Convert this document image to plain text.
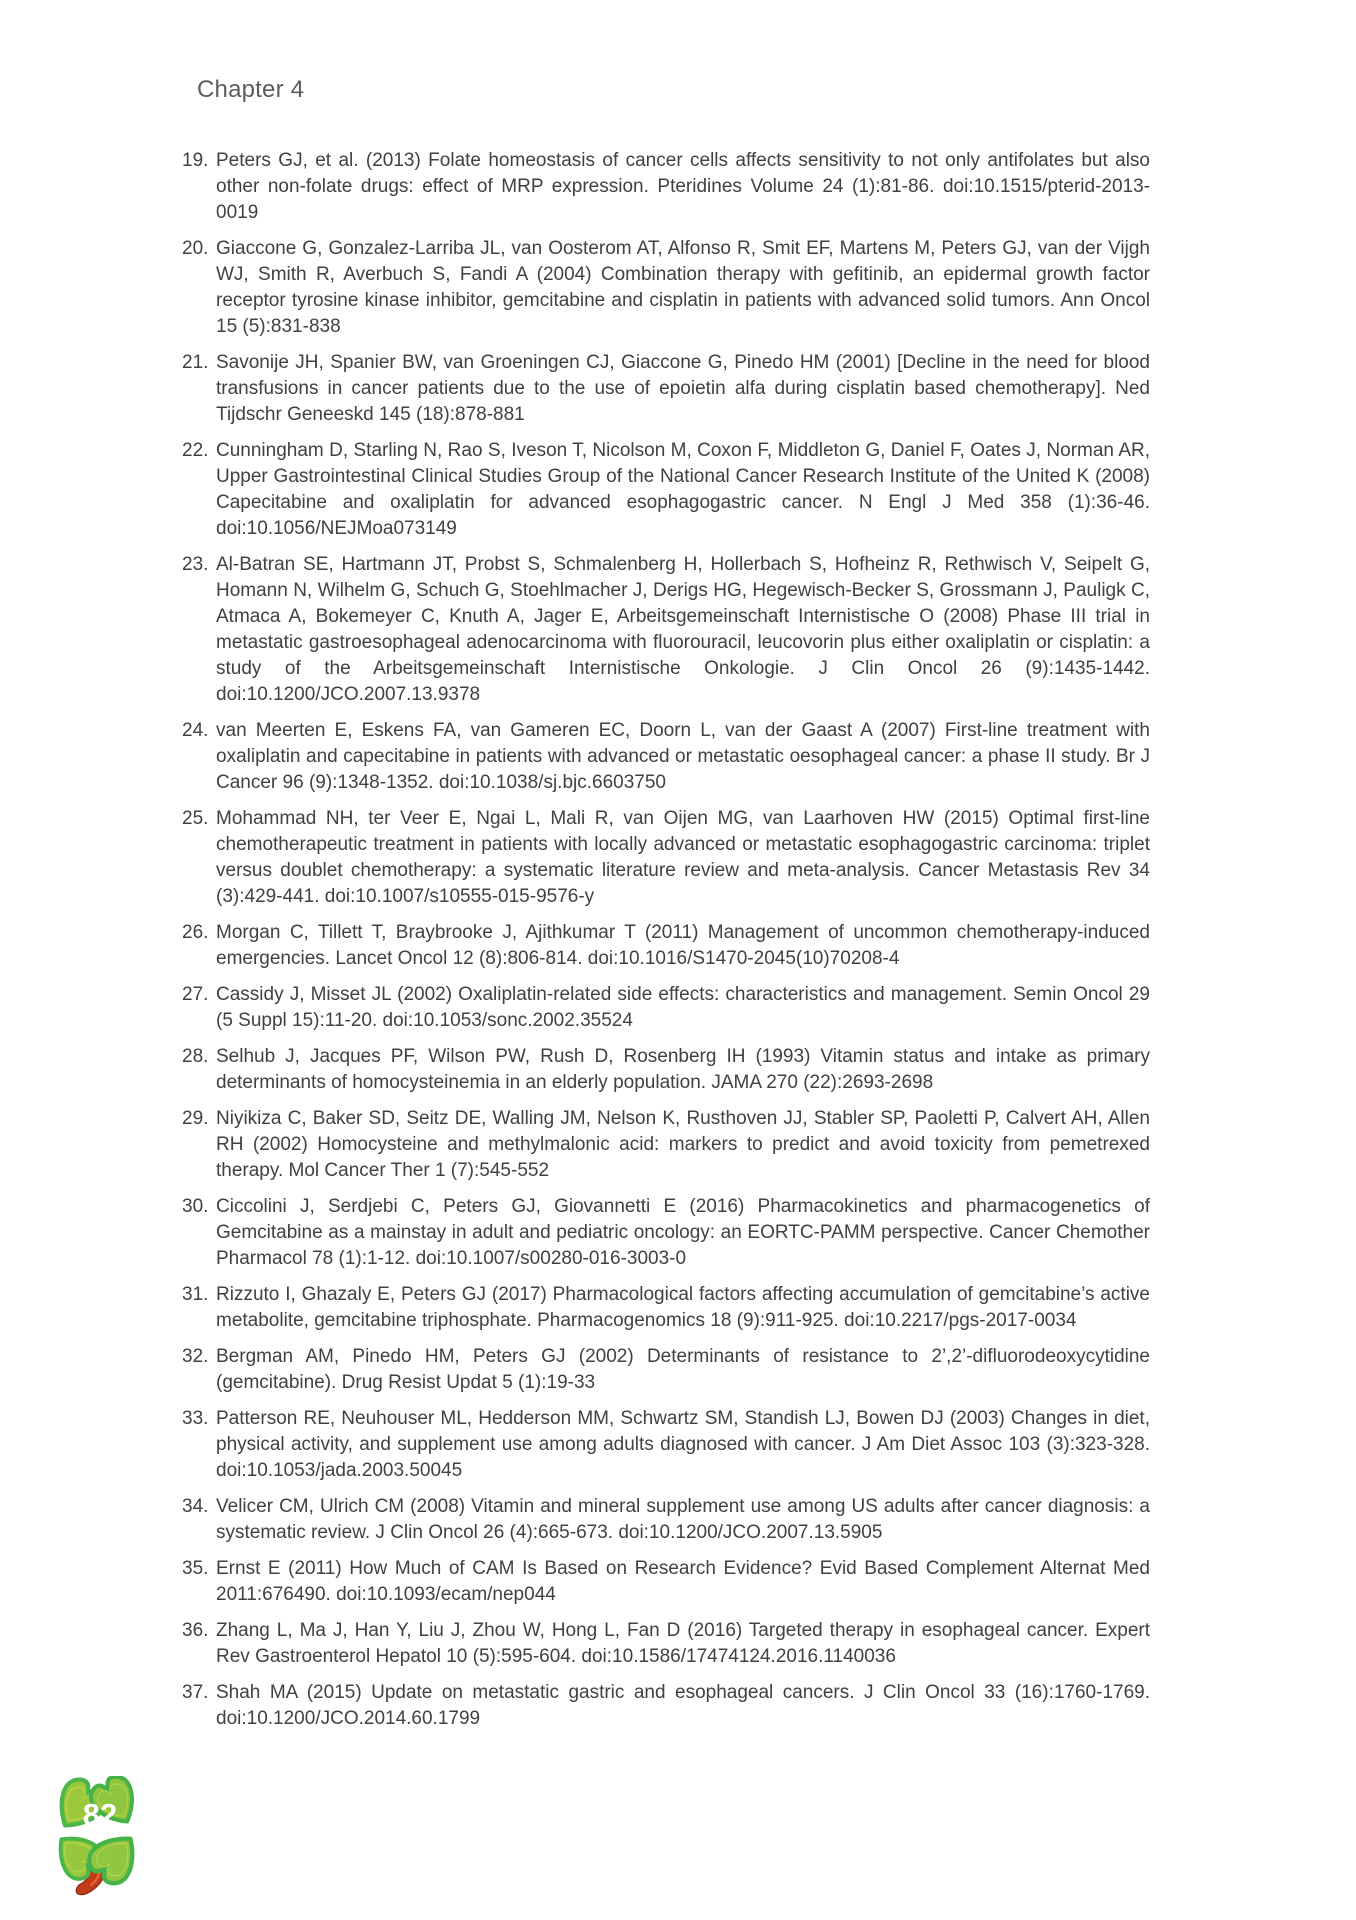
Chapter 4
19. Peters GJ, et al. (2013) Folate homeostasis of cancer cells affects sensitivity to not only antifolates but also other non-folate drugs: effect of MRP expression. Pteridines Volume 24 (1):81-86. doi:10.1515/pterid-2013-0019
20. Giaccone G, Gonzalez-Larriba JL, van Oosterom AT, Alfonso R, Smit EF, Martens M, Peters GJ, van der Vijgh WJ, Smith R, Averbuch S, Fandi A (2004) Combination therapy with gefitinib, an epidermal growth factor receptor tyrosine kinase inhibitor, gemcitabine and cisplatin in patients with advanced solid tumors. Ann Oncol 15 (5):831-838
21. Savonije JH, Spanier BW, van Groeningen CJ, Giaccone G, Pinedo HM (2001) [Decline in the need for blood transfusions in cancer patients due to the use of epoietin alfa during cisplatin based chemotherapy]. Ned Tijdschr Geneeskd 145 (18):878-881
22. Cunningham D, Starling N, Rao S, Iveson T, Nicolson M, Coxon F, Middleton G, Daniel F, Oates J, Norman AR, Upper Gastrointestinal Clinical Studies Group of the National Cancer Research Institute of the United K (2008) Capecitabine and oxaliplatin for advanced esophagogastric cancer. N Engl J Med 358 (1):36-46. doi:10.1056/NEJMoa073149
23. Al-Batran SE, Hartmann JT, Probst S, Schmalenberg H, Hollerbach S, Hofheinz R, Rethwisch V, Seipelt G, Homann N, Wilhelm G, Schuch G, Stoehlmacher J, Derigs HG, Hegewisch-Becker S, Grossmann J, Pauligk C, Atmaca A, Bokemeyer C, Knuth A, Jager E, Arbeitsgemeinschaft Internistische O (2008) Phase III trial in metastatic gastroesophageal adenocarcinoma with fluorouracil, leucovorin plus either oxaliplatin or cisplatin: a study of the Arbeitsgemeinschaft Internistische Onkologie. J Clin Oncol 26 (9):1435-1442. doi:10.1200/JCO.2007.13.9378
24. van Meerten E, Eskens FA, van Gameren EC, Doorn L, van der Gaast A (2007) First-line treatment with oxaliplatin and capecitabine in patients with advanced or metastatic oesophageal cancer: a phase II study. Br J Cancer 96 (9):1348-1352. doi:10.1038/sj.bjc.6603750
25. Mohammad NH, ter Veer E, Ngai L, Mali R, van Oijen MG, van Laarhoven HW (2015) Optimal first-line chemotherapeutic treatment in patients with locally advanced or metastatic esophagogastric carcinoma: triplet versus doublet chemotherapy: a systematic literature review and meta-analysis. Cancer Metastasis Rev 34 (3):429-441. doi:10.1007/s10555-015-9576-y
26. Morgan C, Tillett T, Braybrooke J, Ajithkumar T (2011) Management of uncommon chemotherapy-induced emergencies. Lancet Oncol 12 (8):806-814. doi:10.1016/S1470-2045(10)70208-4
27. Cassidy J, Misset JL (2002) Oxaliplatin-related side effects: characteristics and management. Semin Oncol 29 (5 Suppl 15):11-20. doi:10.1053/sonc.2002.35524
28. Selhub J, Jacques PF, Wilson PW, Rush D, Rosenberg IH (1993) Vitamin status and intake as primary determinants of homocysteinemia in an elderly population. JAMA 270 (22):2693-2698
29. Niyikiza C, Baker SD, Seitz DE, Walling JM, Nelson K, Rusthoven JJ, Stabler SP, Paoletti P, Calvert AH, Allen RH (2002) Homocysteine and methylmalonic acid: markers to predict and avoid toxicity from pemetrexed therapy. Mol Cancer Ther 1 (7):545-552
30. Ciccolini J, Serdjebi C, Peters GJ, Giovannetti E (2016) Pharmacokinetics and pharmacogenetics of Gemcitabine as a mainstay in adult and pediatric oncology: an EORTC-PAMM perspective. Cancer Chemother Pharmacol 78 (1):1-12. doi:10.1007/s00280-016-3003-0
31. Rizzuto I, Ghazaly E, Peters GJ (2017) Pharmacological factors affecting accumulation of gemcitabine’s active metabolite, gemcitabine triphosphate. Pharmacogenomics 18 (9):911-925. doi:10.2217/pgs-2017-0034
32. Bergman AM, Pinedo HM, Peters GJ (2002) Determinants of resistance to 2’,2’-difluorodeoxycytidine (gemcitabine). Drug Resist Updat 5 (1):19-33
33. Patterson RE, Neuhouser ML, Hedderson MM, Schwartz SM, Standish LJ, Bowen DJ (2003) Changes in diet, physical activity, and supplement use among adults diagnosed with cancer. J Am Diet Assoc 103 (3):323-328. doi:10.1053/jada.2003.50045
34. Velicer CM, Ulrich CM (2008) Vitamin and mineral supplement use among US adults after cancer diagnosis: a systematic review. J Clin Oncol 26 (4):665-673. doi:10.1200/JCO.2007.13.5905
35. Ernst E (2011) How Much of CAM Is Based on Research Evidence? Evid Based Complement Alternat Med 2011:676490. doi:10.1093/ecam/nep044
36. Zhang L, Ma J, Han Y, Liu J, Zhou W, Hong L, Fan D (2016) Targeted therapy in esophageal cancer. Expert Rev Gastroenterol Hepatol 10 (5):595-604. doi:10.1586/17474124.2016.1140036
37. Shah MA (2015) Update on metastatic gastric and esophageal cancers. J Clin Oncol 33 (16):1760-1769. doi:10.1200/JCO.2014.60.1799
82
